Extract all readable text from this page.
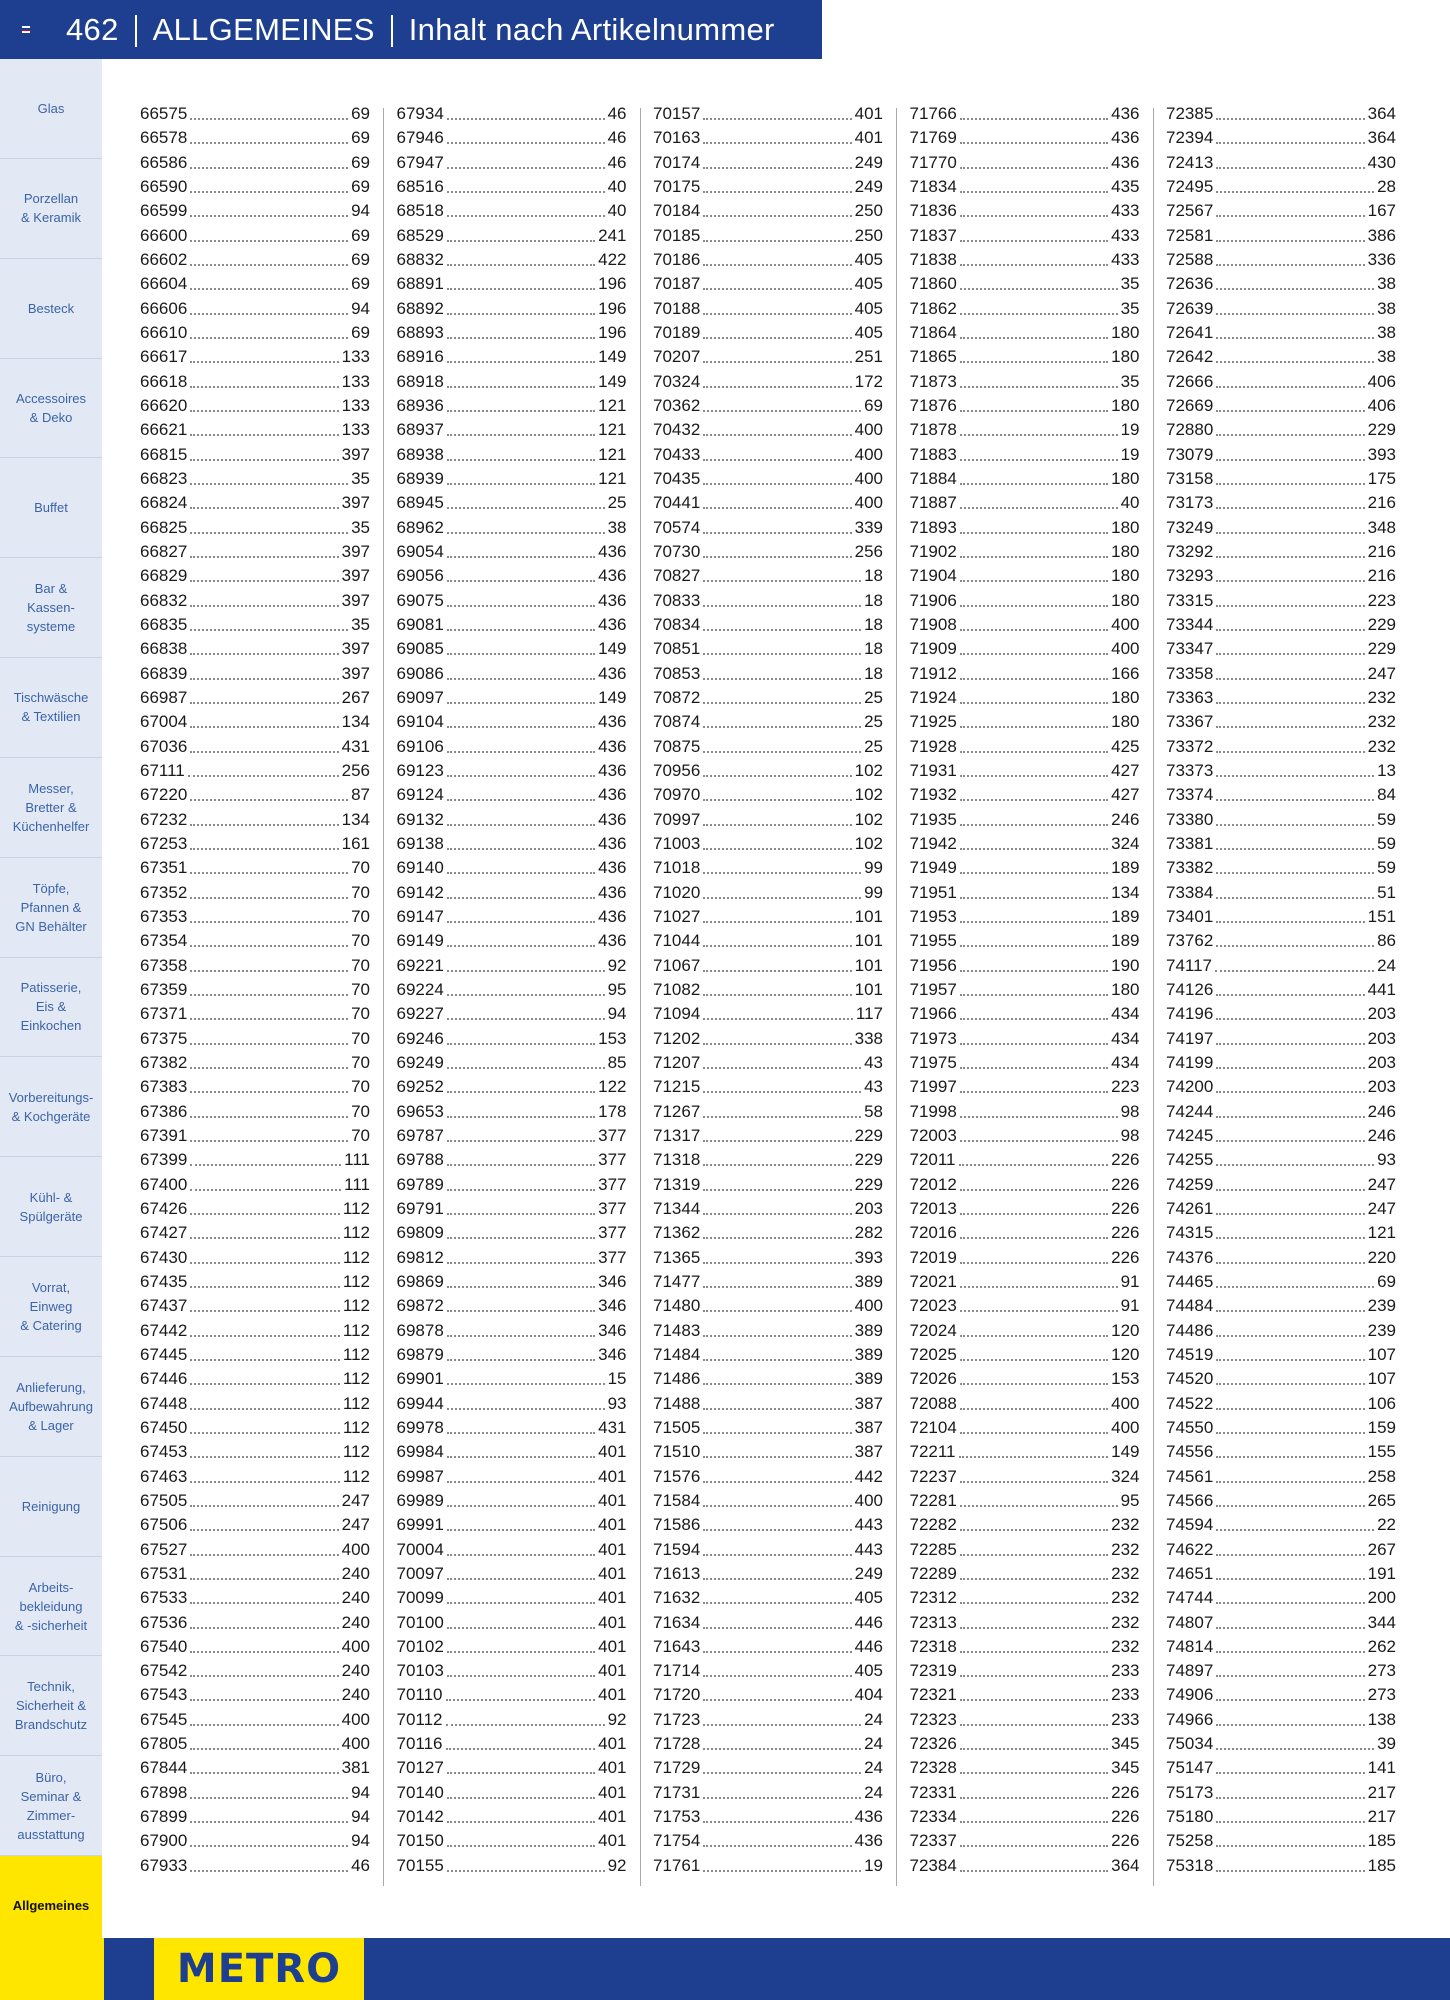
462 ALLGEMEINES Inhalt nach Artikelnummer
Glas
Porzellan
& Keramik
Besteck
Accessoires
& Deko
Buffet
Bar &
Kassen-
systeme
Tischwäsche
& Textilien
Messer,
Bretter &
Küchenhelfer
Töpfe,
Pfannen &
GN Behälter
Patisserie,
Eis &
Einkochen
Vorbereitungs-
& Kochgeräte
Kühl- &
Spülgeräte
Vorrat,
Einweg
& Catering
Anlieferung,
Aufbewahrung
& Lager
Reinigung
Arbeits-
bekleidung
& -sicherheit
Technik,
Sicherheit &
Brandschutz
Büro,
Seminar &
Zimmer-
ausstattung
Allgemeines
66575	69
66578	69
66586	69
66590	69
66599	94
66600	69
66602	69
66604	69
66606	94
66610	69
66617	133
66618	133
66620	133
66621	133
66815	397
66823	35
66824	397
66825	35
66827	397
66829	397
66832	397
66835	35
66838	397
66839	397
66987	267
67004	134
67036	431
67111	256
67220	87
67232	134
67253	161
67351	70
67352	70
67353	70
67354	70
67358	70
67359	70
67371	70
67375	70
67382	70
67383	70
67386	70
67391	70
67399	111
67400	111
67426	112
67427	112
67430	112
67435	112
67437	112
67442	112
67445	112
67446	112
67448	112
67450	112
67453	112
67463	112
67505	247
67506	247
67527	400
67531	240
67533	240
67536	240
67540	400
67542	240
67543	240
67545	400
67805	400
67844	381
67898	94
67899	94
67900	94
67933	46
67934	46
67946	46
67947	46
68516	40
68518	40
68529	241
68832	422
68891	196
68892	196
68893	196
68916	149
68918	149
68936	121
68937	121
68938	121
68939	121
68945	25
68962	38
69054	436
69056	436
69075	436
69081	436
69085	149
69086	436
69097	149
69104	436
69106	436
69123	436
69124	436
69132	436
69138	436
69140	436
69142	436
69147	436
69149	436
69221	92
69224	95
69227	94
69246	153
69249	85
69252	122
69653	178
69787	377
69788	377
69789	377
69791	377
69809	377
69812	377
69869	346
69872	346
69878	346
69879	346
69901	15
69944	93
69978	431
69984	401
69987	401
69989	401
69991	401
70004	401
70097	401
70099	401
70100	401
70102	401
70103	401
70110	401
70112	92
70116	401
70127	401
70140	401
70142	401
70150	401
70155	92
70157	401
70163	401
70174	249
70175	249
70184	250
70185	250
70186	405
70187	405
70188	405
70189	405
70207	251
70324	172
70362	69
70432	400
70433	400
70435	400
70441	400
70574	339
70730	256
70827	18
70833	18
70834	18
70851	18
70853	18
70872	25
70874	25
70875	25
70956	102
70970	102
70997	102
71003	102
71018	99
71020	99
71027	101
71044	101
71067	101
71082	101
71094	117
71202	338
71207	43
71215	43
71267	58
71317	229
71318	229
71319	229
71344	203
71362	282
71365	393
71477	389
71480	400
71483	389
71484	389
71486	389
71488	387
71505	387
71510	387
71576	442
71584	400
71586	443
71594	443
71613	249
71632	405
71634	446
71643	446
71714	405
71720	404
71723	24
71728	24
71729	24
71731	24
71753	436
71754	436
71761	19
71766	436
71769	436
71770	436
71834	435
71836	433
71837	433
71838	433
71860	35
71862	35
71864	180
71865	180
71873	35
71876	180
71878	19
71883	19
71884	180
71887	40
71893	180
71902	180
71904	180
71906	180
71908	400
71909	400
71912	166
71924	180
71925	180
71928	425
71931	427
71932	427
71935	246
71942	324
71949	189
71951	134
71953	189
71955	189
71956	190
71957	180
71966	434
71973	434
71975	434
71997	223
71998	98
72003	98
72011	226
72012	226
72013	226
72016	226
72019	226
72021	91
72023	91
72024	120
72025	120
72026	153
72088	400
72104	400
72211	149
72237	324
72281	95
72282	232
72285	232
72289	232
72312	232
72313	232
72318	232
72319	233
72321	233
72323	233
72326	345
72328	345
72331	226
72334	226
72337	226
72384	364
72385	364
72394	364
72413	430
72495	28
72567	167
72581	386
72588	336
72636	38
72639	38
72641	38
72642	38
72666	406
72669	406
72880	229
73079	393
73158	175
73173	216
73249	348
73292	216
73293	216
73315	223
73344	229
73347	229
73358	247
73363	232
73367	232
73372	232
73373	13
73374	84
73380	59
73381	59
73382	59
73384	51
73401	151
73762	86
74117	24
74126	441
74196	203
74197	203
74199	203
74200	203
74244	246
74245	246
74255	93
74259	247
74261	247
74315	121
74376	220
74465	69
74484	239
74486	239
74519	107
74520	107
74522	106
74550	159
74556	155
74561	258
74566	265
74594	22
74622	267
74651	191
74744	200
74807	344
74814	262
74897	273
74906	273
74966	138
75034	39
75147	141
75173	217
75180	217
75258	185
75318	185
METRO
